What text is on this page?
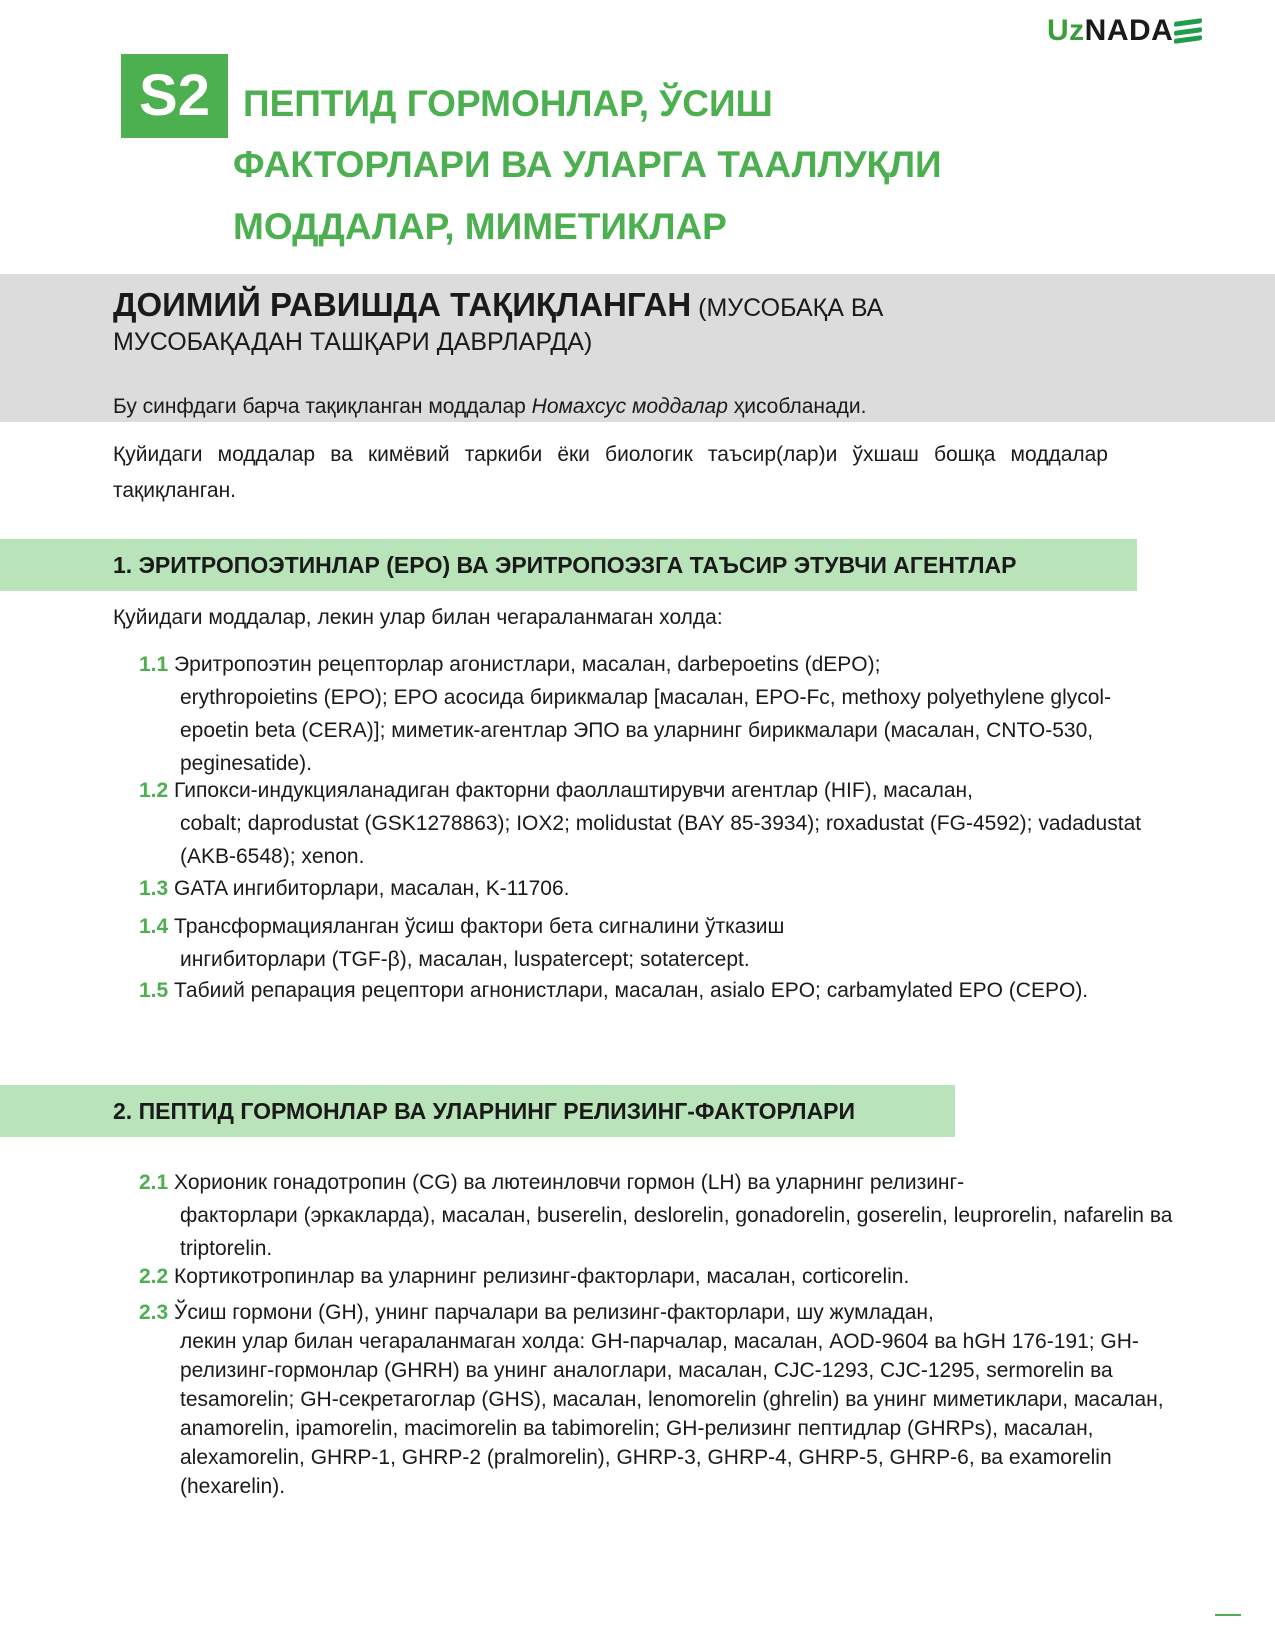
UzNADA
S2 ПЕПТИД ГОРМОНЛАР, ЎСИШ
ФАКТОРЛАРИ ВА УЛАРГА ТААЛЛУҚЛИ
МОДДАЛАР, МИМЕТИКЛАР
ДОИМИЙ РАВИШДА ТАҚИҚЛАНГАН (МУСОБАҚА ВА
МУСОБАҚАДАН ТАШҚАРИ ДАВРЛАРДА)
Бу синфдаги барча тақиқланган моддалар Номахсус моддалар ҳисобланади.
Қуйидаги моддалар ва кимёвий таркиби ёки биологик таъсир(лар)и ўхшаш бошқа моддалар тақиқланган.
1. ЭРИТРОПОЭТИНЛАР (EPO) ВА ЭРИТРОПОЭЗГА ТАЪСИР ЭТУВЧИ АГЕНТЛАР
Қуйидаги моддалар, лекин улар билан чегараланмаган холда:
1.1 Эритропоэтин рецепторлар агонистлари, масалан, darbepoetins (dEPO);
erythropoietins (EPO); EPO асосида бирикмалар [масалан, EPO-Fc, methoxy polyethylene glycol-epoetin beta (CERA)]; миметик-агентлар ЭПО ва уларнинг бирикмалари (масалан, CNTO-530, peginesatide).
1.2 Гипокси-индукцияланадиган факторни фаоллаштирувчи агентлар (HIF), масалан,
cobalt; daprodustat (GSK1278863); IOX2; molidustat (BAY 85-3934); roxadustat (FG-4592); vadadustat (AKB-6548); xenon.
1.3 GATA ингибиторлари, масалан, K-11706.
1.4 Трансформацияланган ўсиш фактори бета сигналини ўтказиш
ингибиторлари (TGF-β), масалан, luspatercept; sotatercept.
1.5 Табиий репарация рецептори агнонистлари, масалан, asialo EPO; carbamylated EPO (CEPO).
2. ПЕПТИД ГОРМОНЛАР ВА УЛАРНИНГ РЕЛИЗИНГ-ФАКТОРЛАРИ
2.1 Хорионик гонадотропин (CG) ва лютеинловчи гормон (LH) ва уларнинг релизинг-
факторлари (эркакларда), масалан, buserelin, deslorelin, gonadorelin, goserelin, leuprorelin, nafarelin ва triptorelin.
2.2 Кортикотропинлар ва уларнинг релизинг-факторлари, масалан, corticorelin.
2.3 Ўсиш гормони (GH), унинг парчалари ва релизинг-факторлари, шу жумладан,
лекин улар билан чегараланмаган холда: GH-парчалар, масалан, AOD-9604 ва hGH 176-191; GH-релизинг-гормонлар (GHRH) ва унинг аналоглари, масалан, CJC-1293, CJC-1295, sermorelin ва tesamorelin; GH-секретагоглар (GHS), масалан, lenomorelin (ghrelin) ва унинг миметиклари, масалан, anamorelin, ipamorelin, macimorelin ва tabimorelin; GH-релизинг пептидлар (GHRPs), масалан, alexamorelin, GHRP-1, GHRP-2 (pralmorelin), GHRP-3, GHRP-4, GHRP-5, GHRP-6, ва examorelin (hexarelin).
